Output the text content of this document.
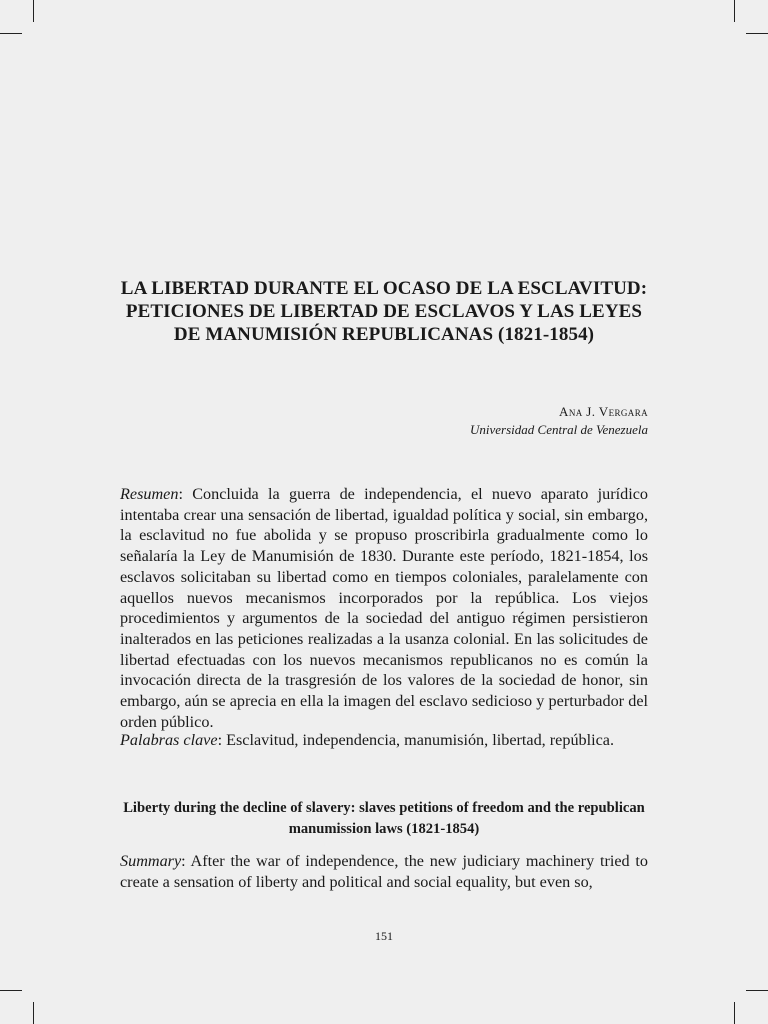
LA LIBERTAD DURANTE EL OCASO DE LA ESCLAVITUD: PETICIONES DE LIBERTAD DE ESCLAVOS Y LAS LEYES DE MANUMISIÓN REPUBLICANAS (1821-1854)
Ana J. Vergara
Universidad Central de Venezuela

Resumen: Concluida la guerra de independencia, el nuevo aparato jurídico intentaba crear una sensación de libertad, igualdad política y social, sin embargo, la esclavitud no fue abolida y se propuso proscribirla gradualmente como lo señalaría la Ley de Manumisión de 1830. Durante este período, 1821-1854, los esclavos solicitaban su libertad como en tiempos coloniales, paralelamente con aquellos nuevos mecanismos incorporados por la república. Los viejos procedimientos y argumentos de la sociedad del antiguo régimen persistieron inalterados en las peticiones realizadas a la usanza colonial. En las solicitudes de libertad efectuadas con los nuevos mecanismos republicanos no es común la invocación directa de la trasgresión de los valores de la sociedad de honor, sin embargo, aún se aprecia en ella la imagen del esclavo sedicioso y perturbador del orden público.

Palabras clave: Esclavitud, independencia, manumisión, libertad, república.

Liberty during the decline of slavery: slaves petitions of freedom and the republican manumission laws (1821-1854)

Summary: After the war of independence, the new judiciary machinery tried to create a sensation of liberty and political and social equality, but even so,

151
